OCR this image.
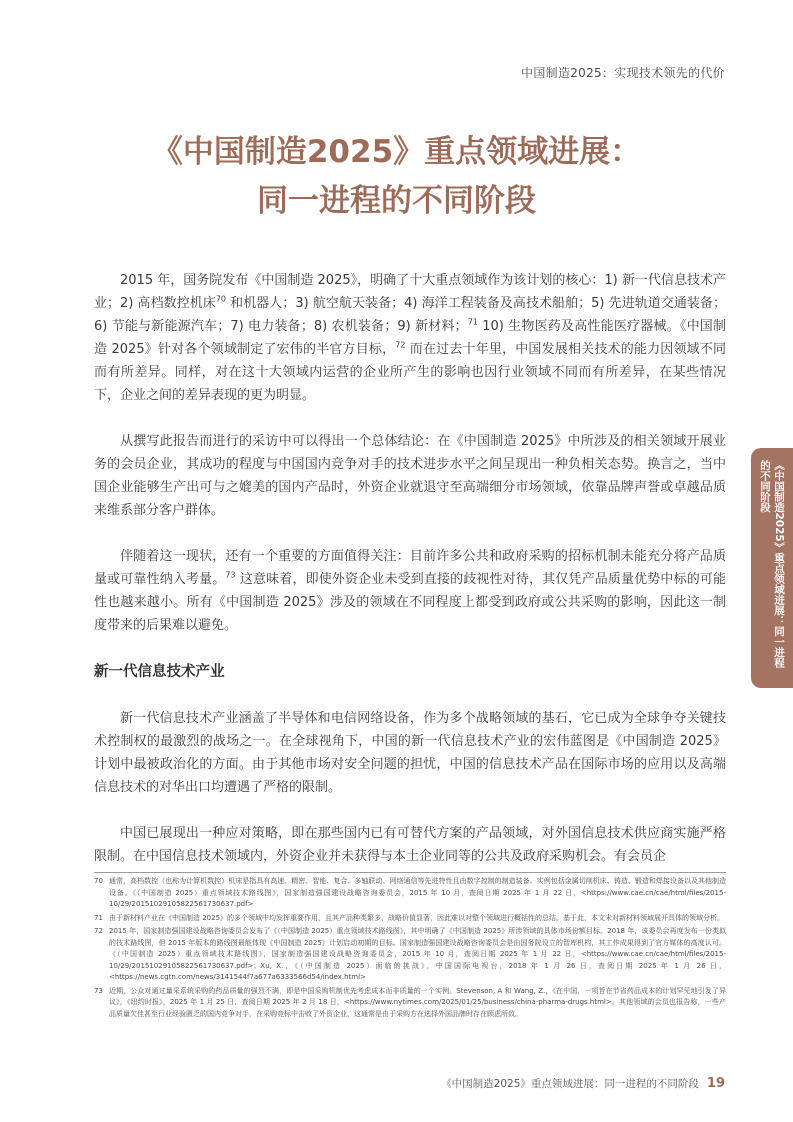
中国制造2025：实现技术领先的代价
《中国制造2025》重点领域进展：
同一进程的不同阶段

2015 年，国务院发布《中国制造 2025》，明确了十大重点领域作为该计划的核心：1) 新一代信息技术产业；2) 高档数控机床$^{70}$ 和机器人；3) 航空航天装备；4) 海洋工程装备及高技术船舶；5) 先进轨道交通装备；6) 节能与新能源汽车；7) 电力装备；8) 农机装备；9) 新材料；$^{71}$ 10) 生物医药及高性能医疗器械。《中国制造 2025》针对各个领域制定了宏伟的半官方目标，$^{72}$ 而在过去十年里，中国发展相关技术的能力因领域不同而有所差异。同样，对在这十大领域内运营的企业所产生的影响也因行业领域不同而有所差异，在某些情况下，企业之间的差异表现的更为明显。

从撰写此报告而进行的采访中可以得出一个总体结论：在《中国制造 2025》中所涉及的相关领域开展业务的会员企业，其成功的程度与中国国内竞争对手的技术进步水平之间呈现出一种负相关态势。换言之，当中国企业能够生产出可与之媲美的国内产品时，外资企业就退守至高端细分市场领域，依靠品牌声誉或卓越品质来维系部分客户群体。

伴随着这一现状，还有一个重要的方面值得关注：目前许多公共和政府采购的招标机制未能充分将产品质量或可靠性纳入考量。$^{73}$ 这意味着，即使外资企业未受到直接的歧视性对待，其仅凭产品质量优势中标的可能性也越来越小。所有《中国制造 2025》涉及的领域在不同程度上都受到政府或公共采购的影响，因此这一制度带来的后果难以避免。

新一代信息技术产业

新一代信息技术产业涵盖了半导体和电信网络设备，作为多个战略领域的基石，它已成为全球争夺关键技术控制权的最激烈的战场之一。在全球视角下，中国的新一代信息技术产业的宏伟蓝图是《中国制造 2025》计划中最被政治化的方面。由于其他市场对安全问题的担忧，中国的信息技术产品在国际市场的应用以及高端信息技术的对华出口均遭遇了严格的限制。

中国已展现出一种应对策略，即在那些国内已有可替代方案的产品领域，对外国信息技术供应商实施严格限制。在中国信息技术领域内，外资企业并未获得与本土企业同等的公共及政府采购机会。有会员企

70 通常，高档数控（也称为计算机数控）机床是指具有高速、精密、智能、复合、多轴联动、网络通信等先进特性且由数字控制的制造装备。实例包括金属切削机床、铸造、锻造和焊接设备以及其他制造设备。《（中国制造 2025）重点领域技术路线图》，国家制造强国建设战略咨询委员会，2015 年 10 月，查阅日期 2025 年 1 月 22 日，<https://www.cae.cn/cae/html/files/2015-10/29/20151029105822561730637.pdf>
71 由于新材料产业在《中国制造 2025》的多个领域中均发挥重要作用，且其产品种类繁多、战略价值显著，因此难以对整个领域进行概括性的总结。基于此，本文未对新材料领域展开具体的领域分析。
72 2015 年，国家制造强国建设战略咨询委员会发布了《（中国制造 2025）重点领域技术路线图》，其中明确了《中国制造 2025》所涉领域的具体市场份额目标。2018 年，该委员会再度发布一份类似的技术路线图，但 2015 年版本的路线图最能体现《中国制造 2025》计划启动初期的目标。国家制造强国建设战略咨询委员会是由国务院设立的智库机构，其工作成果得到了官方媒体的高度认可。《（中国制造 2025）重点领域技术路线图》，国家制造强国建设战略咨询委员会，2015 年 10 月，查阅日期 2025 年 1 月 22 日，<https://www.cae.cn/cae/html/files/2015-10/29/20151029105822561730637.pdf>；Xu, X.，《（中国制造 2025）面临的挑战》，中国国际电视台，2018 年 1 月 26 日，查阅日期 2025 年 1 月 26 日，<https://news.cgtn.com/news/3141544f7a677a6333566d54/index.html>
73 近期，公众对通过量采系统采购的药品质量的强烈不满，即是中国采购机制优先考虑成本而非质量的一个实例。Stevenson, A 和 Wang, Z.，《在中国，一项旨在节省药品成本的计划罕见地引发了异议》，《纽约时报》，2025 年 1 月 25 日，查阅日期 2025 年 2 月 18 日，<https://www.nytimes.com/2025/01/25/business/china-pharma-drugs.html>。其他领域的会员也报告称，一些产品质量欠佳甚至行业经验匮乏的国内竞争对手，在采购竞标中击败了外资企业，这通常是由于采购方在选择外国品牌时存在顾虑所致。
《中国制造2025》重点领域进展：同一进程的不同阶段
《中国制造2025》重点领域进展：同一进程的不同阶段 19
